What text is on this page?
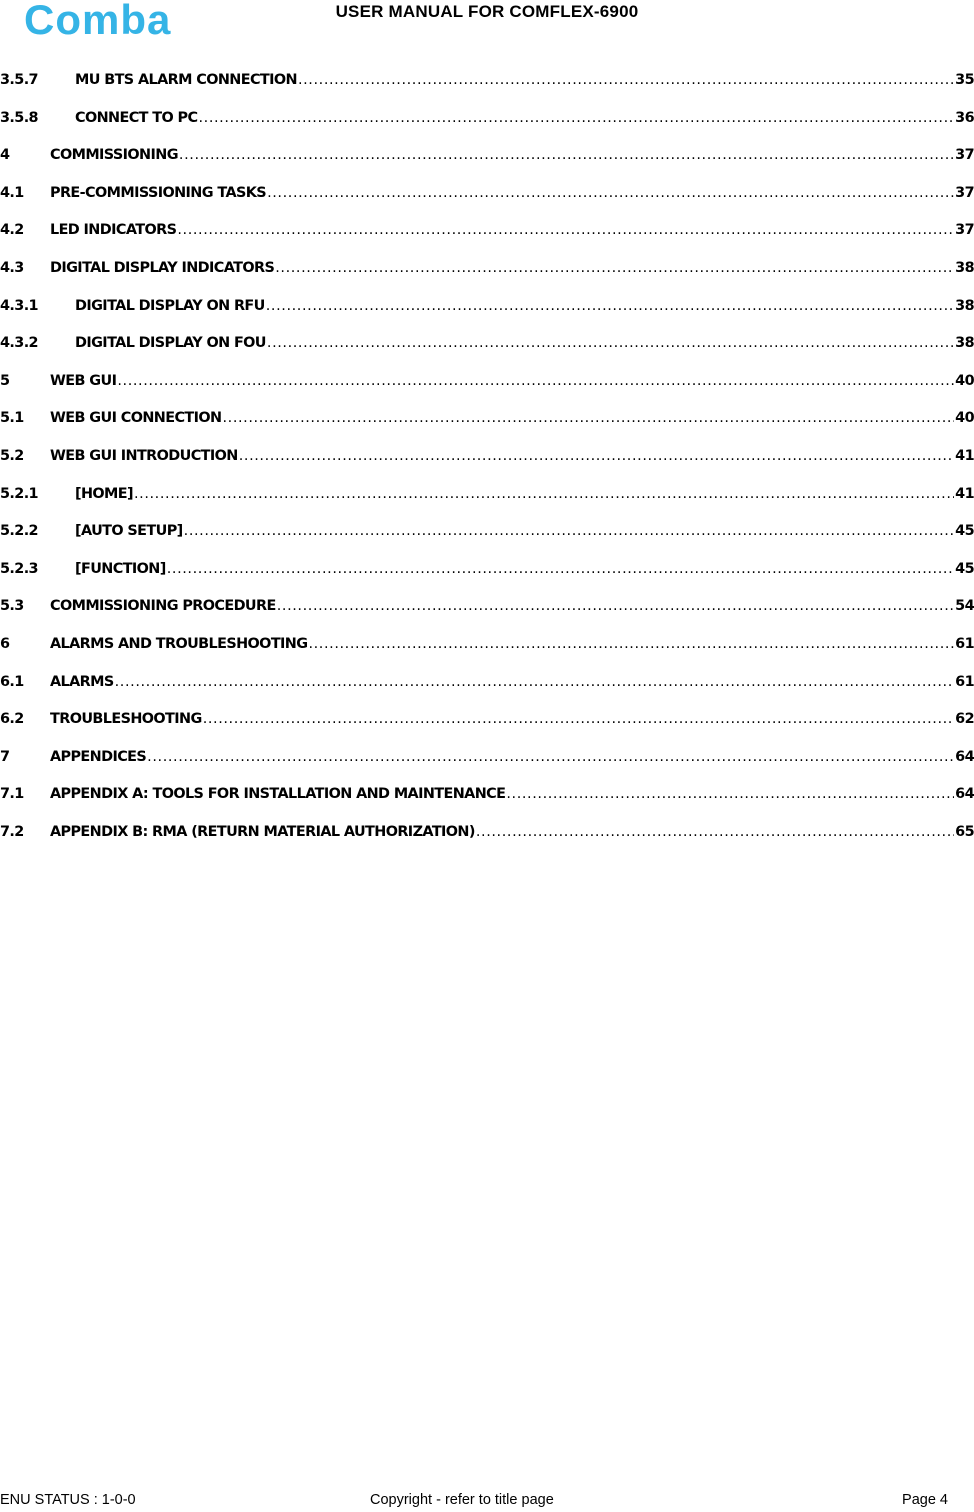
Comba	USER MANUAL FOR COMFLEX-6900
3.5.7	MU BTS ALARM CONNECTION .....	35
3.5.8	CONNECT TO PC .....	36
4	COMMISSIONING .....	37
4.1 PRE-COMMISSIONING TASKS .....	37
4.2 LED INDICATORS .....	37
4.3 DIGITAL DISPLAY INDICATORS .....	38
4.3.1	DIGITAL DISPLAY ON RFU .....	38
4.3.2	DIGITAL DISPLAY ON FOU .....	38
5	WEB GUI .....	40
5.1 WEB GUI CONNECTION .....	40
5.2 WEB GUI INTRODUCTION .....	41
5.2.1	[HOME] .....	41
5.2.2	[AUTO SETUP] .....	45
5.2.3	[FUNCTION] .....	45
5.3 COMMISSIONING PROCEDURE .....	54
6	ALARMS AND TROUBLESHOOTING .....	61
6.1 ALARMS .....	61
6.2 TROUBLESHOOTING .....	62
7	APPENDICES .....	64
7.1 APPENDIX A: TOOLS FOR INSTALLATION AND MAINTENANCE .....	64
7.2 APPENDIX B: RMA (RETURN MATERIAL AUTHORIZATION) .....	65
ENU STATUS : 1-0-0	Copyright - refer to title page	Page 4
